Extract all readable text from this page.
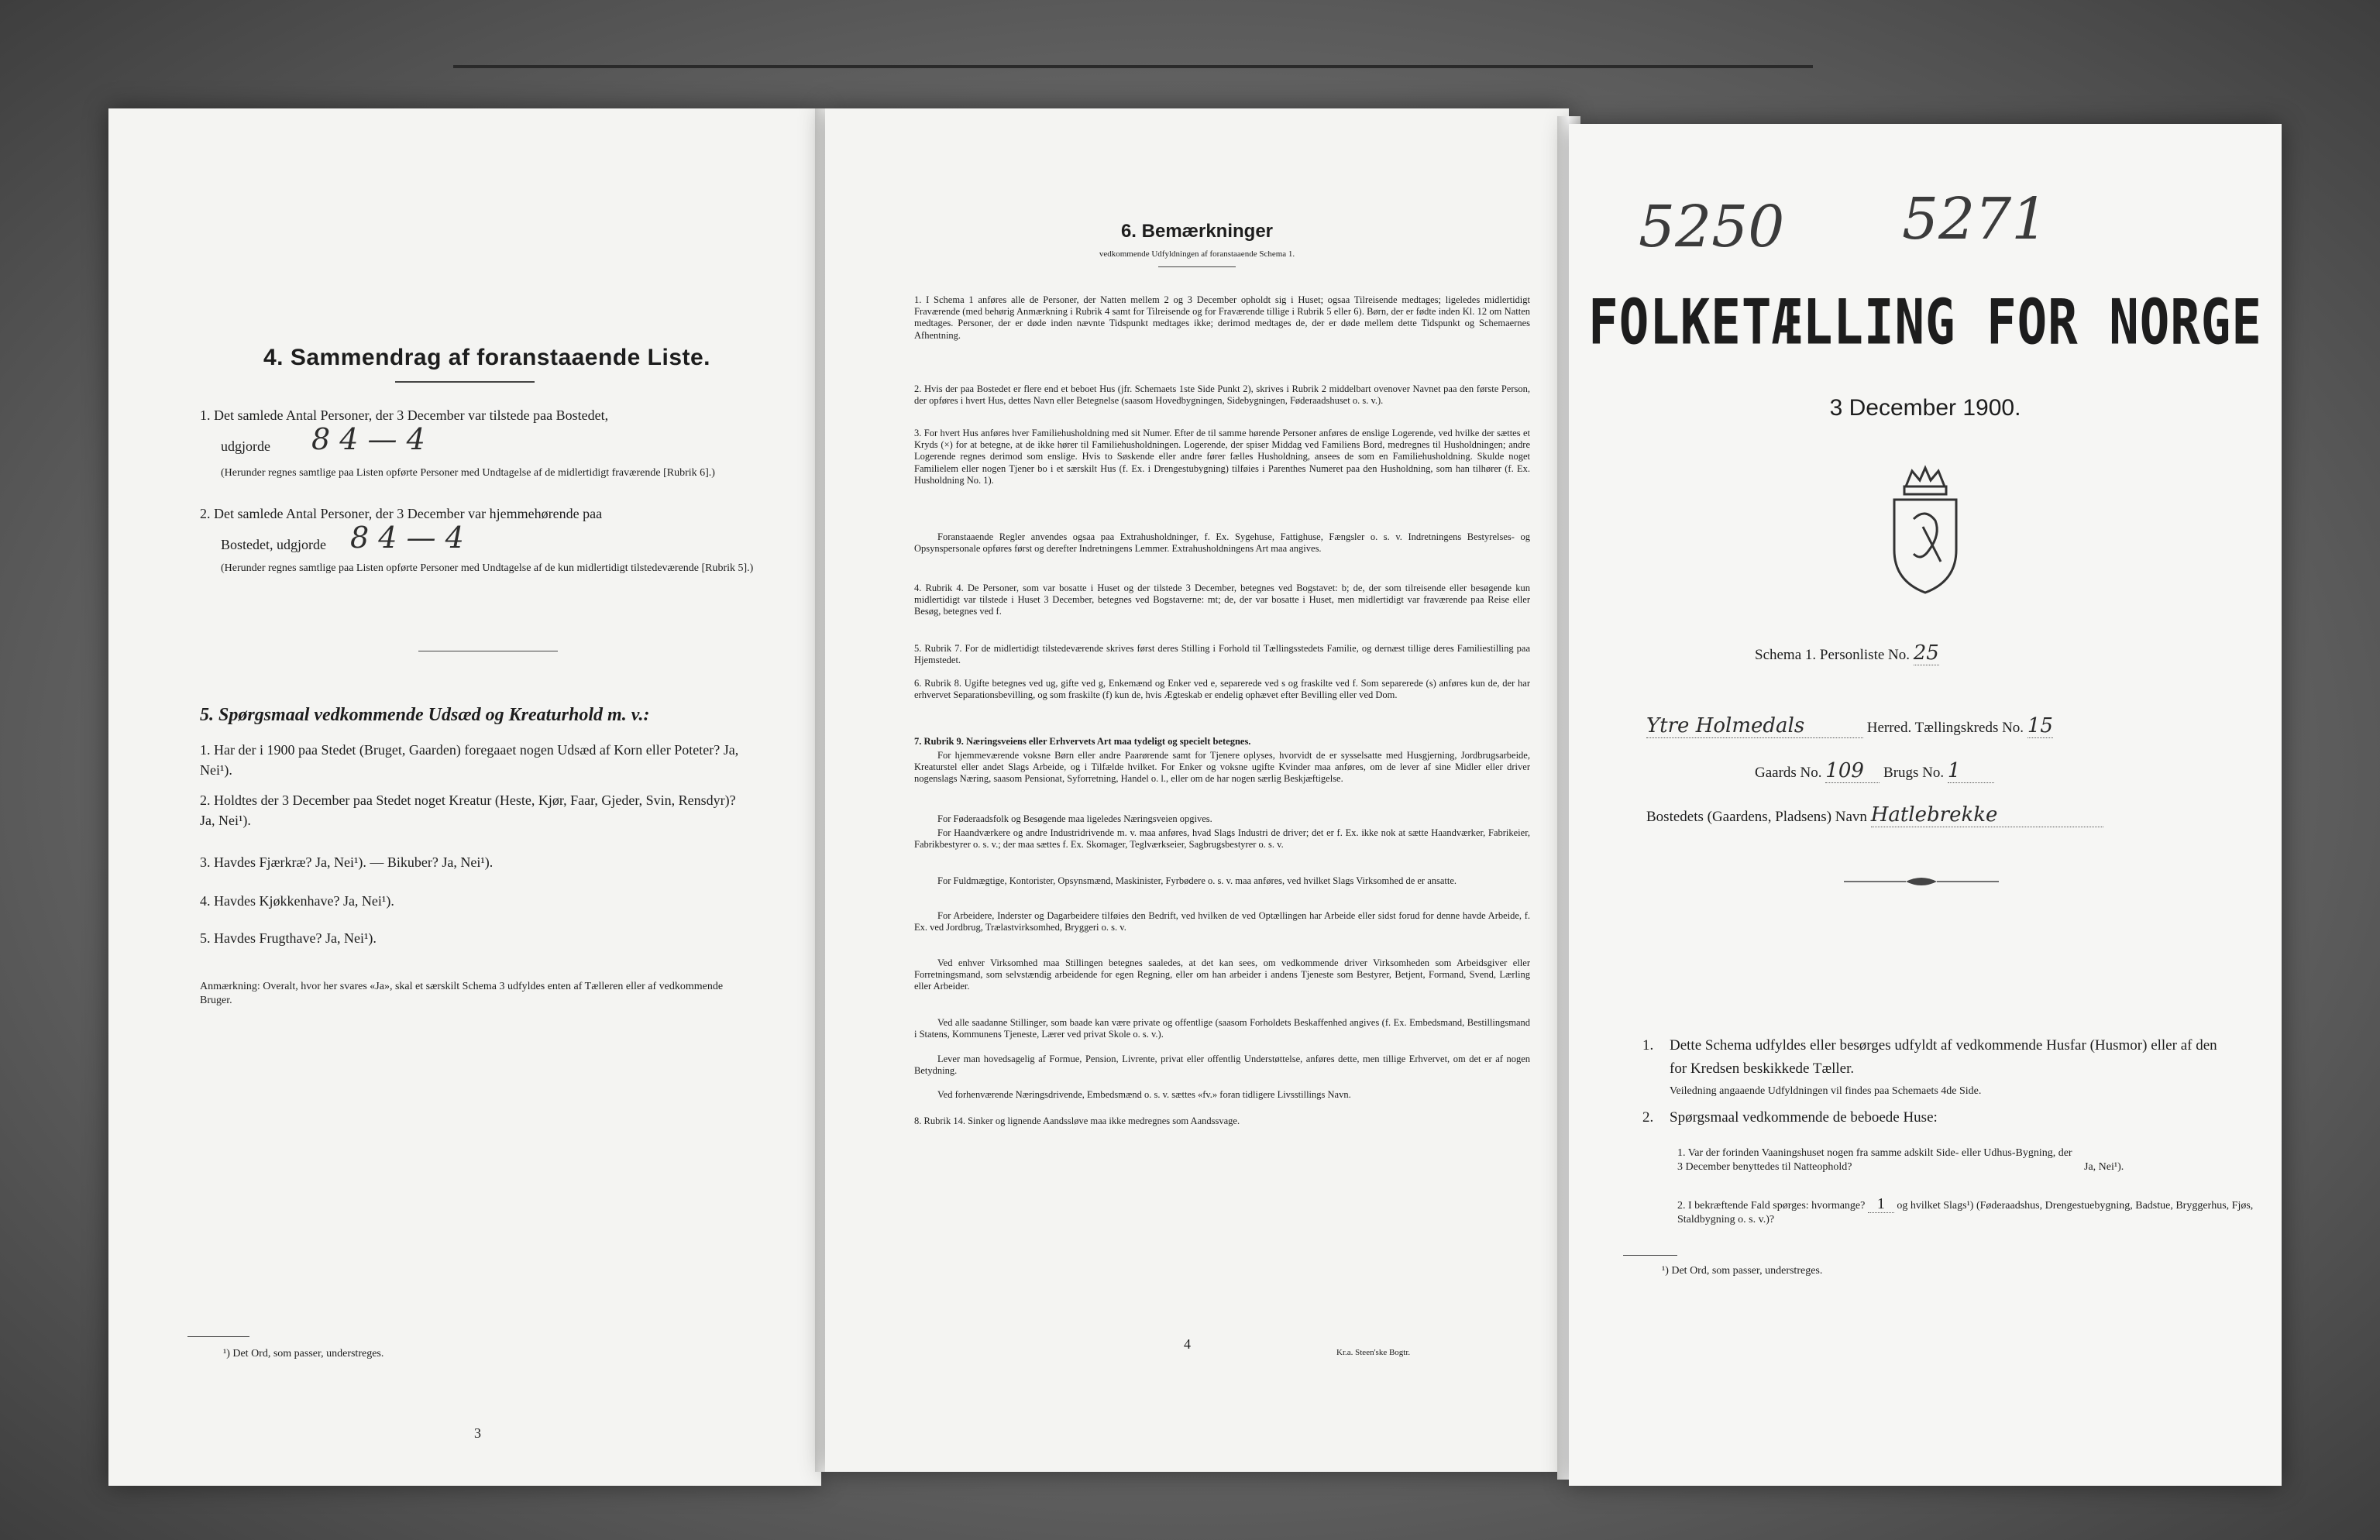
4. Sammendrag af foranstaaende Liste.
1. Det samlede Antal Personer, der 3 December var tilstede paa Bostedet,
udgjorde 8 4 — 4
(Herunder regnes samtlige paa Listen opførte Personer med Undtagelse af de midlertidigt fraværende [Rubrik 6].)
2. Det samlede Antal Personer, der 3 December var hjemmehørende paa
Bostedet, udgjorde 8 4 — 4
(Herunder regnes samtlige paa Listen opførte Personer med Undtagelse af de kun midlertidigt tilstedeværende [Rubrik 5].)
5. Spørgsmaal vedkommende Udsæd og Kreaturhold m. v.:
1. Har der i 1900 paa Stedet (Bruget, Gaarden) foregaaet nogen Udsæd af Korn eller Poteter? Ja, Nei¹).
2. Holdtes der 3 December paa Stedet noget Kreatur (Heste, Kjør, Faar, Gjeder, Svin, Rensdyr)? Ja, Nei¹).
3. Havdes Fjærkræ? Ja, Nei¹). — Bikuber? Ja, Nei¹).
4. Havdes Kjøkkenhave? Ja, Nei¹).
5. Havdes Frugthave? Ja, Nei¹).
Anmærkning: Overalt, hvor her svares «Ja», skal et særskilt Schema 3 udfyldes enten af Tælleren eller af vedkommende Bruger.
¹) Det Ord, som passer, understreges.
3
6. Bemærkninger
vedkommende Udfyldningen af foranstaaende Schema 1.
1. I Schema 1 anføres alle de Personer, der Natten mellem 2 og 3 December opholdt sig i Huset; ogsaa Tilreisende medtages; ligeledes midlertidigt Fraværende (med behørig Anmærkning i Rubrik 4 samt for Tilreisende og for Fraværende tillige i Rubrik 5 eller 6). Børn, der er fødte inden Kl. 12 om Natten medtages. Personer, der er døde inden nævnte Tidspunkt medtages ikke; derimod medtages de, der er døde mellem dette Tidspunkt og Schemaernes Afhentning.
2. Hvis der paa Bostedet er flere end et beboet Hus (jfr. Schemaets 1ste Side Punkt 2), skrives i Rubrik 2 middelbart ovenover Navnet paa den første Person, der opføres i hvert Hus, dettes Navn eller Betegnelse (saasom Hovedbygningen, Sidebygningen, Føderaadshuset o. s. v.).
3. For hvert Hus anføres hver Familiehusholdning med sit Numer. Efter de til samme hørende Personer anføres de enslige Logerende, ved hvilke der sættes et Kryds (×) for at betegne, at de ikke hører til Familiehusholdningen. Logerende, der spiser Middag ved Familiens Bord, medregnes til Husholdningen; andre Logerende regnes derimod som enslige. Hvis to Søskende eller andre fører fælles Husholdning, ansees de som en Familiehusholdning. Skulde noget Familielem eller nogen Tjener bo i et særskilt Hus (f. Ex. i Drengestubygning) tilføies i Parenthes Numeret paa den Husholdning, som han tilhører (f. Ex. Husholdning No. 1).
Foranstaaende Regler anvendes ogsaa paa Extrahusholdninger, f. Ex. Sygehuse, Fattighuse, Fængsler o. s. v. Indretningens Bestyrelses- og Opsynspersonale opføres først og derefter Indretningens Lemmer. Extrahusholdningens Art maa angives.
4. Rubrik 4. De Personer, som var bosatte i Huset og der tilstede 3 December, betegnes ved Bogstavet: b; de, der som tilreisende eller besøgende kun midlertidigt var tilstede i Huset 3 December, betegnes ved Bogstaverne: mt; de, der var bosatte i Huset, men midlertidigt var fraværende paa Reise eller Besøg, betegnes ved f.
5. Rubrik 7. For de midlertidigt tilstedeværende skrives først deres Stilling i Forhold til Tællingsstedets Familie, og dernæst tillige deres Familiestilling paa Hjemstedet.
6. Rubrik 8. Ugifte betegnes ved ug, gifte ved g, Enkemænd og Enker ved e, separerede ved s og fraskilte ved f. Som separerede (s) anføres kun de, der har erhvervet Separationsbevilling, og som fraskilte (f) kun de, hvis Ægteskab er endelig ophævet efter Bevilling eller ved Dom.
7. Rubrik 9. Næringsveiens eller Erhvervets Art maa tydeligt og specielt betegnes.
For hjemmeværende voksne Børn eller andre Paarørende samt for Tjenere oplyses, hvorvidt de er sysselsatte med Husgjerning, Jordbrugsarbeide, Kreaturstel eller andet Slags Arbeide, og i Tilfælde hvilket. For Enker og voksne ugifte Kvinder maa anføres, om de lever af sine Midler eller driver nogenslags Næring, saasom Pensionat, Syforretning, Handel o. l., eller om de har nogen særlig Beskjæftigelse.
For Føderaadsfolk og Besøgende maa ligeledes Næringsveien opgives.
For Haandværkere og andre Industridrivende m. v. maa anføres, hvad Slags Industri de driver; det er f. Ex. ikke nok at sætte Haandværker, Fabrikeier, Fabrikbestyrer o. s. v.; der maa sættes f. Ex. Skomager, Teglværkseier, Sagbrugsbestyrer o. s. v.
For Fuldmægtige, Kontorister, Opsynsmænd, Maskinister, Fyrbødere o. s. v. maa anføres, ved hvilket Slags Virksomhed de er ansatte.
For Arbeidere, Inderster og Dagarbeidere tilføies den Bedrift, ved hvilken de ved Optællingen har Arbeide eller sidst forud for denne havde Arbeide, f. Ex. ved Jordbrug, Trælastvirksomhed, Bryggeri o. s. v.
Ved enhver Virksomhed maa Stillingen betegnes saaledes, at det kan sees, om vedkommende driver Virksomheden som Arbeidsgiver eller Forretningsmand, som selvstændig arbeidende for egen Regning, eller om han arbeider i andens Tjeneste som Bestyrer, Betjent, Formand, Svend, Lærling eller Arbeider.
Ved alle saadanne Stillinger, som baade kan være private og offentlige (saasom Forholdets Beskaffenhed angives (f. Ex. Embedsmand, Bestillingsmand i Statens, Kommunens Tjeneste, Lærer ved privat Skole o. s. v.).
Lever man hovedsagelig af Formue, Pension, Livrente, privat eller offentlig Understøttelse, anføres dette, men tillige Erhvervet, om det er af nogen Betydning.
Ved forhenværende Næringsdrivende, Embedsmænd o. s. v. sættes «fv.» foran tidligere Livsstillings Navn.
8. Rubrik 14. Sinker og lignende Aandssløve maa ikke medregnes som Aandssvage.
4
Kr.a. Steen'ske Bogtr.
5250 5271
FOLKETÆLLING FOR NORGE
3 December 1900.
Schema 1. Personliste No. 25
Ytre Holmedals	Herred. Tællingskreds No. 15
Gaards No. 109 Brugs No. 1
Bostedets (Gaardens, Pladsens) Navn Hatlebrekke
1.	Dette Schema udfyldes eller besørges udfyldt af vedkommende Husfar (Husmor) eller af den for Kredsen beskikkede Tæller.
Veiledning angaaende Udfyldningen vil findes paa Schemaets 4de Side.
2.	Spørgsmaal vedkommende de beboede Huse:
1. Var der forinden Vaaningshuset nogen fra samme adskilt Side- eller Udhus-Bygning, der 3 December benyttedes til Natteophold?	Ja, Nei¹).
2. I bekræftende Fald spørges: hvormange? 1 og hvilket Slags¹) (Føderaadshus, Drengestuebygning, Badstue, Bryggerhus, Fjøs, Staldbygning o. s. v.)?
¹) Det Ord, som passer, understreges.
